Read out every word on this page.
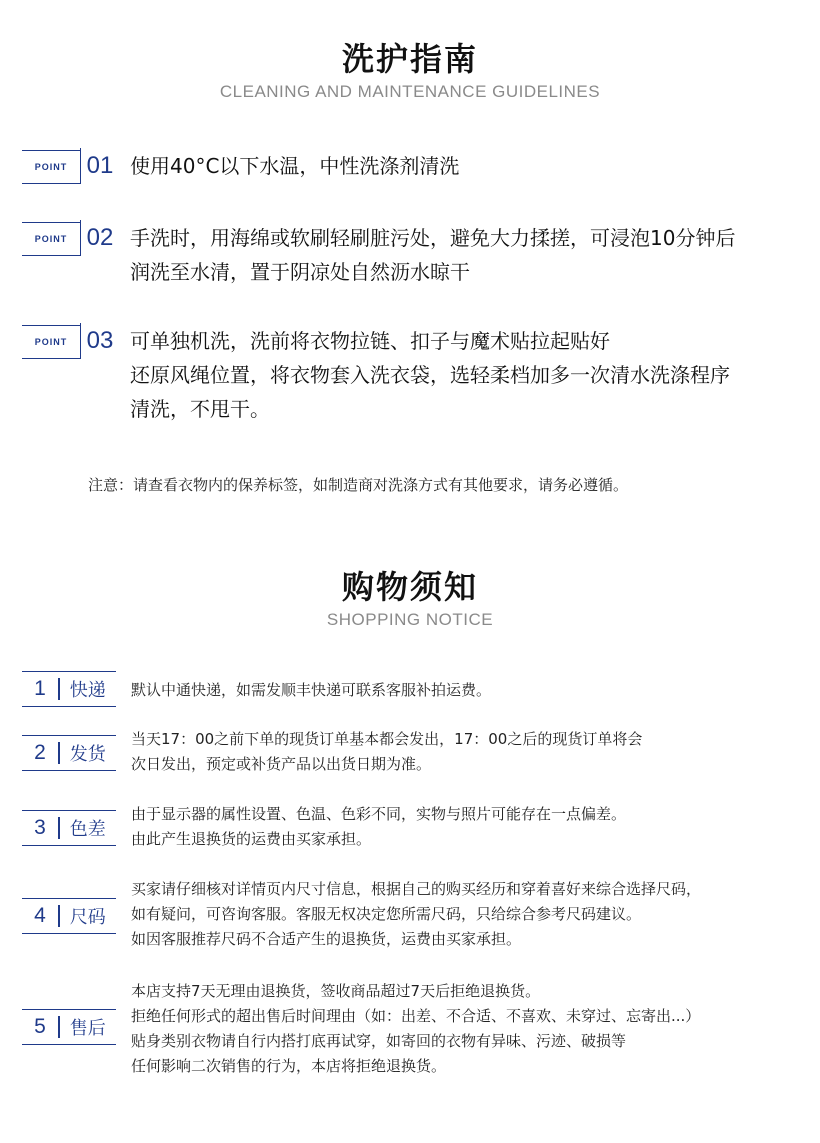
洗护指南
CLEANING AND MAINTENANCE GUIDELINES
POINT 01 使用40°C以下水温，中性洗涤剂清洗
POINT 02 手洗时，用海绵或软刷轻刷脏污处，避免大力揉搓，可浸泡10分钟后
润洗至水清，置于阴凉处自然沥水晾干
POINT 03 可单独机洗，洗前将衣物拉链、扣子与魔术贴拉起贴好
还原风绳位置，将衣物套入洗衣袋，选轻柔档加多一次清水洗涤程序
清洗，不甩干。
注意：请查看衣物内的保养标签，如制造商对洗涤方式有其他要求，请务必遵循。
购物须知
SHOPPING NOTICE
1	快递	默认中通快递，如需发顺丰快递可联系客服补拍运费。
2	发货
当天17：00之前下单的现货订单基本都会发出，17：00之后的现货订单将会
次日发出，预定或补货产品以出货日期为准。
3	色差
由于显示器的属性设置、色温、色彩不同，实物与照片可能存在一点偏差。
由此产生退换货的运费由买家承担。
4	尺码
买家请仔细核对详情页内尺寸信息，根据自己的购买经历和穿着喜好来综合选择尺码，
如有疑问，可咨询客服。客服无权决定您所需尺码，只给综合参考尺码建议。
如因客服推荐尺码不合适产生的退换货，运费由买家承担。
5	售后
本店支持7天无理由退换货，签收商品超过7天后拒绝退换货。
拒绝任何形式的超出售后时间理由（如：出差、不合适、不喜欢、未穿过、忘寄出...）
贴身类别衣物请自行内搭打底再试穿，如寄回的衣物有异味、污迹、破损等
任何影响二次销售的行为，本店将拒绝退换货。
